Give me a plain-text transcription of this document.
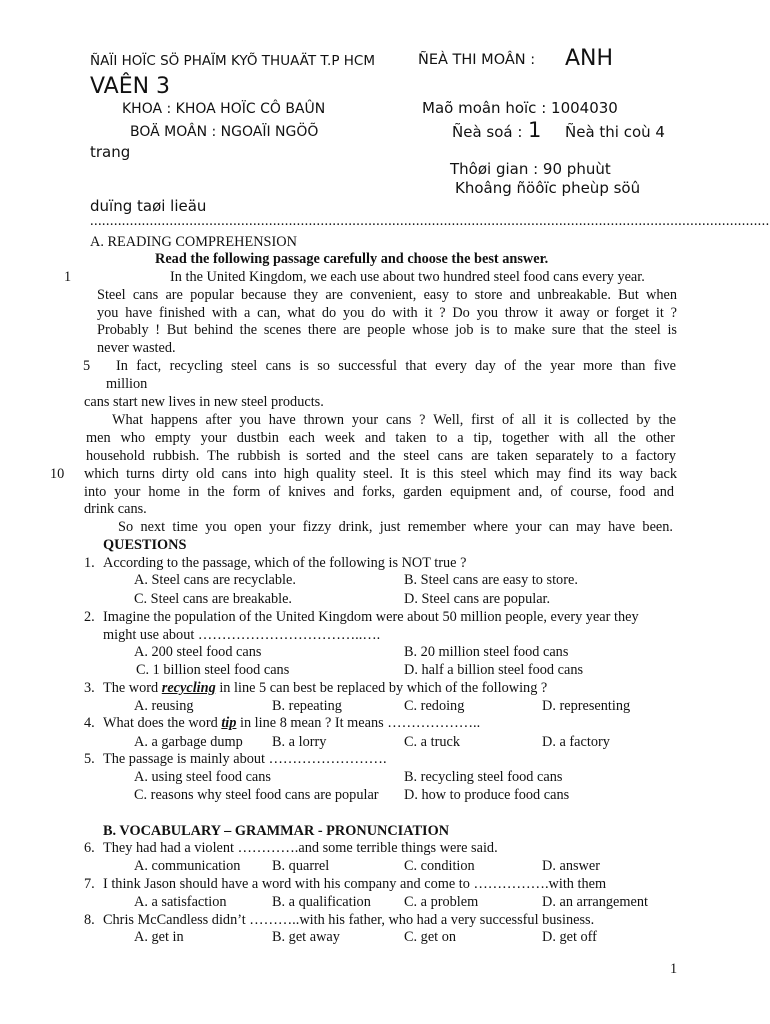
ÑAÏI HOÏC SÖ PHAÏM KYÕ THUAÄT T.P HCM	ÑEÀ THI MOÂN : ANH
VAÊN 3
KHOA : KHOA HOÏC CÔ BAÛN	Maõ moân hoïc : 1004030
BOÄ MOÂN : NGOAÏI NGÖÕ	Ñeà soá : 1 Ñeà thi coù 4
trang
Thôøi gian : 90 phuùt
Khoâng ñöôïc pheùp söû
duïng taøi lieäu
...........................................................................................................................................................................
A. READING COMPREHENSION
Read the following passage carefully and choose the best answer.
1
5
10
In the United Kingdom, we each use about two hundred steel food cans every year.
Steel cans are popular because they are convenient, easy to store and unbreakable. But when
you have finished with a can, what do you do with it ? Do you throw it away or forget it ?
Probably ! But behind the scenes there are people whose job is to make sure that the steel is
never wasted.
In fact, recycling steel cans is so successful that every day of the year more than five
million
cans start new lives in new steel products.
What happens after you have thrown your cans ? Well, first of all it is collected by the
men who empty your dustbin each week and taken to a tip, together with all the other
household rubbish. The rubbish is sorted and the steel cans are taken separately to a factory
which turns dirty old cans into high quality steel. It is this steel which may find its way back
into your home in the form of knives and forks, garden equipment and, of course, food and
drink cans.
So next time you open your fizzy drink, just remember where your can may have been.
QUESTIONS
1. According to the passage, which of the following is NOT true ?
A. Steel cans are recyclable.	B. Steel cans are easy to store.
C. Steel cans are breakable.	D. Steel cans are popular.
2. Imagine the population of the United Kingdom were about 50 million people, every year they
might use about ……………………………..….
A. 200 steel food cans	B. 20 million steel food cans
C. 1 billion steel food cans	D. half a billion steel food cans
3. The word recycling in line 5 can best be replaced by which of the following ?
A. reusing	B. repeating	C. redoing	D. representing
4. What does the word tip in line 8 mean ? It means ………………..
A. a garbage dump B. a lorry	C. a truck	D. a factory
5. The passage is mainly about …………………….
A. using steel food cans	B. recycling steel food cans
C. reasons why steel food cans are popular D. how to produce food cans
B. VOCABULARY – GRAMMAR - PRONUNCIATION
6. They had had a violent ………….and some terrible things were said.
A. communication B. quarrel	C. condition	D. answer
7. I think Jason should have a word with his company and come to …………….with them
A. a satisfaction	B. a qualification C. a problem	D. an arrangement
8. Chris McCandless didn’t ………..with his father, who had a very successful business.
A. get in	B. get away	C. get on	D. get off
1
